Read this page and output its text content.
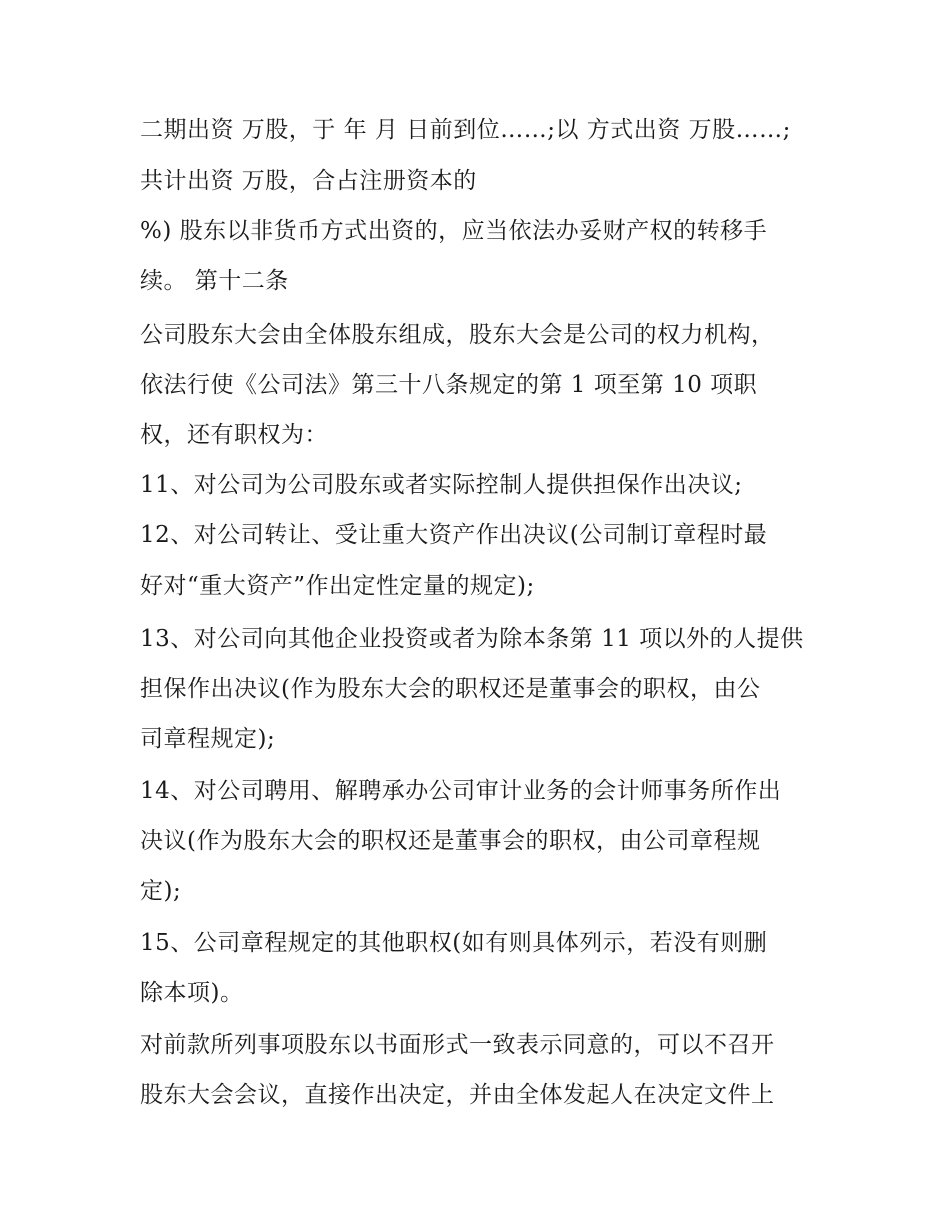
二期出资 万股，于 年 月 日前到位……;以 方式出资 万股……;
共计出资 万股，合占注册资本的
%) 股东以非货币方式出资的，应当依法办妥财产权的转移手
续。 第十二条
公司股东大会由全体股东组成，股东大会是公司的权力机构，
依法行使《公司法》第三十八条规定的第 1 项至第 10 项职
权，还有职权为：
11、对公司为公司股东或者实际控制人提供担保作出决议;
12、对公司转让、受让重大资产作出决议(公司制订章程时最
好对“重大资产”作出定性定量的规定);
13、对公司向其他企业投资或者为除本条第 11 项以外的人提供
担保作出决议(作为股东大会的职权还是董事会的职权，由公
司章程规定);
14、对公司聘用、解聘承办公司审计业务的会计师事务所作出
决议(作为股东大会的职权还是董事会的职权，由公司章程规
定);
15、公司章程规定的其他职权(如有则具体列示，若没有则删
除本项)。
对前款所列事项股东以书面形式一致表示同意的，可以不召开
股东大会会议，直接作出决定，并由全体发起人在决定文件上
